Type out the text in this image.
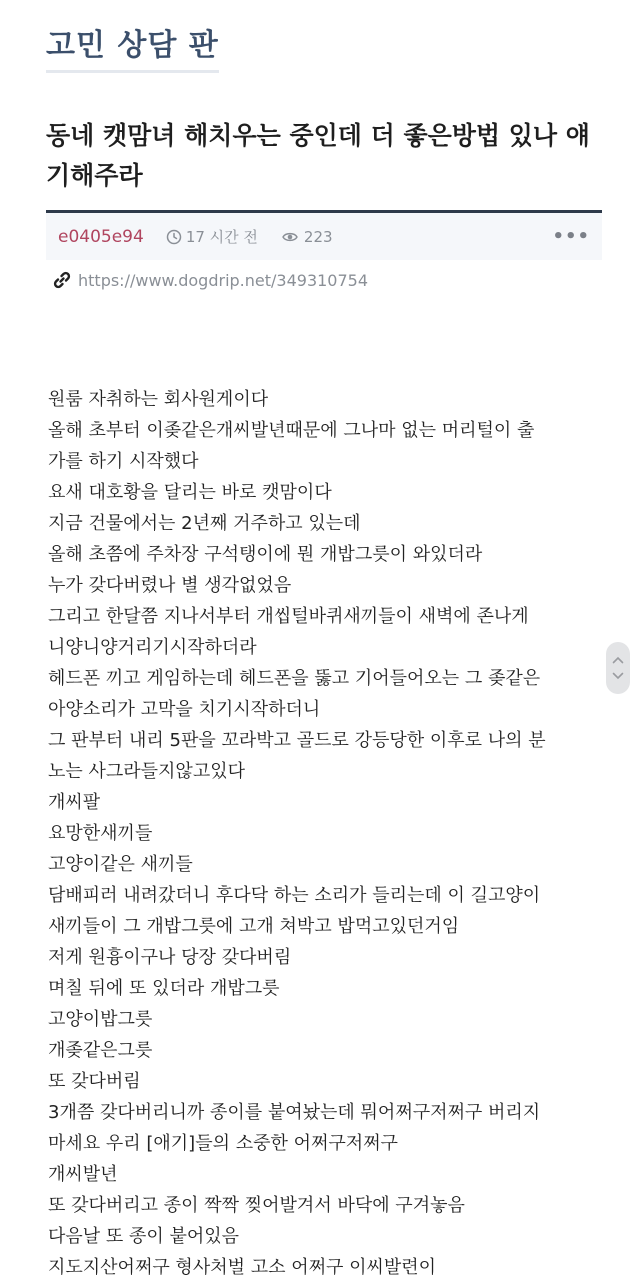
고민 상담 판
동네 캣맘녀 해치우는 중인데 더 좋은방법 있나 얘기해주라
e0405e94	17 시간 전	223	•••
https://www.dogdrip.net/349310754
원룸 자취하는 회사원게이다
올해 초부터 이좆같은개씨발년때문에 그나마 없는 머리털이 출
가를 하기 시작했다
요새 대호황을 달리는 바로 캣맘이다
지금 건물에서는 2년째 거주하고 있는데
올해 초쯤에 주차장 구석탱이에 뭔 개밥그릇이 와있더라
누가 갖다버렸나 별 생각없었음
그리고 한달쯤 지나서부터 개씹털바퀴새끼들이 새벽에 존나게
니양니양거리기시작하더라
헤드폰 끼고 게임하는데 헤드폰을 뚫고 기어들어오는 그 좆같은
아양소리가 고막을 치기시작하더니
그 판부터 내리 5판을 꼬라박고 골드로 강등당한 이후로 나의 분
노는 사그라들지않고있다
개씨팔
요망한새끼들
고양이같은 새끼들
담배피러 내려갔더니 후다닥 하는 소리가 들리는데 이 길고양이
새끼들이 그 개밥그릇에 고개 쳐박고 밥먹고있던거임
저게 원흉이구나 당장 갖다버림
며칠 뒤에 또 있더라 개밥그릇
고양이밥그릇
개좆같은그릇
또 갖다버림
3개쯤 갖다버리니까 종이를 붙여놨는데 뭐어쩌구저쩌구 버리지
마세요 우리 [애기]들의 소중한 어쩌구저쩌구
개씨발년
또 갖다버리고 종이 짝짝 찢어발겨서 바닥에 구겨놓음
다음날 또 종이 붙어있음
지도지산어쩌구 형사처벌 고소 어쩌구 이씨발련이
